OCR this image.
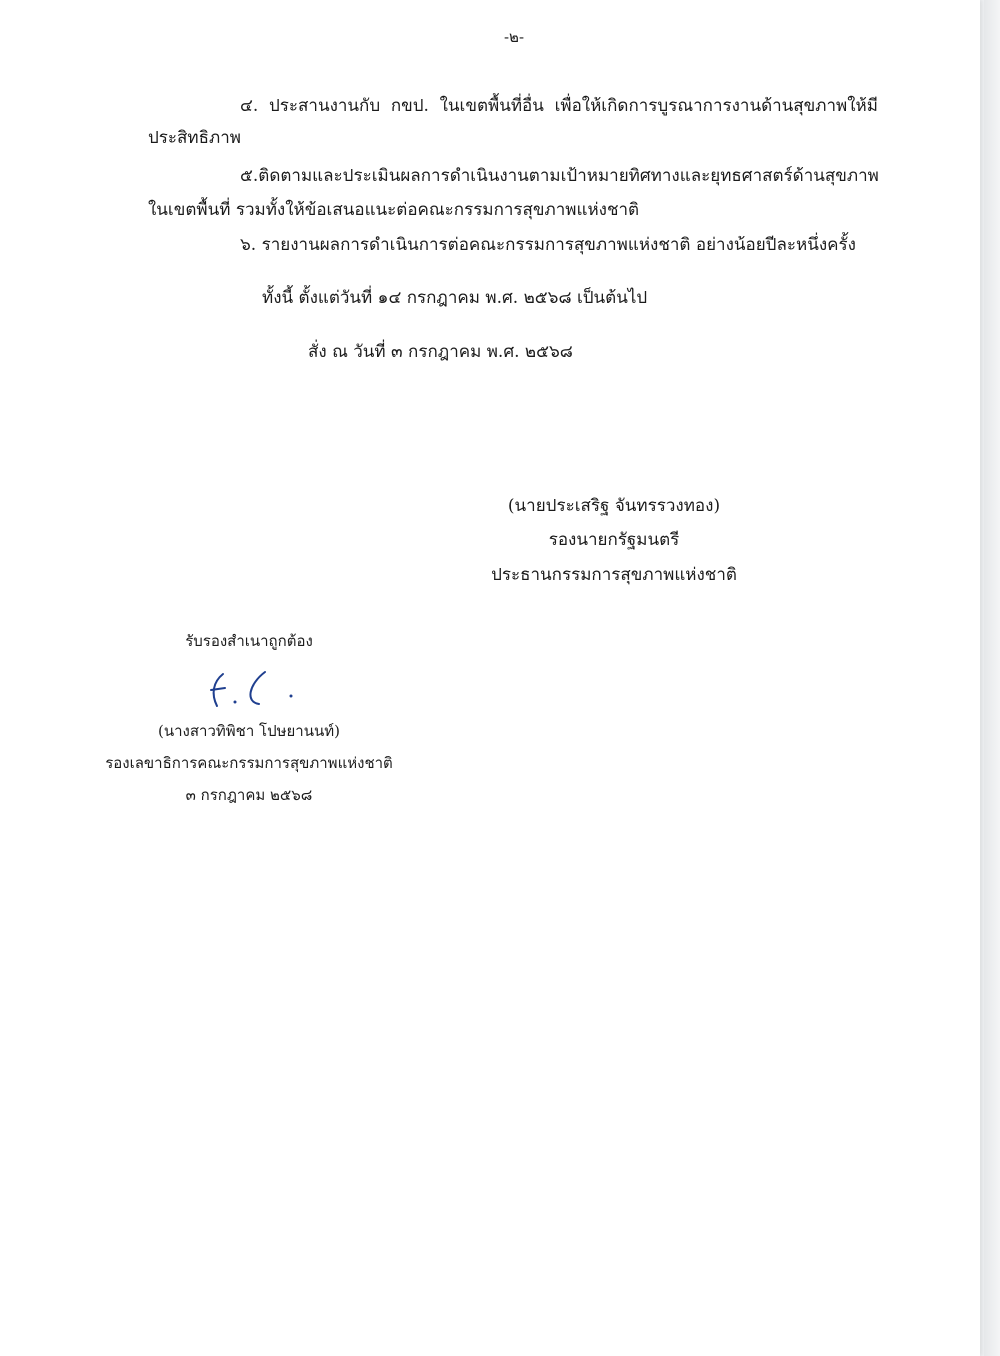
-๒-
๔. ประสานงานกับ กขป. ในเขตพื้นที่อื่น เพื่อให้เกิดการบูรณาการงานด้านสุขภาพให้มี
ประสิทธิภาพ
๕. ติดตามและประเมินผลการดำเนินงานตามเป้าหมาย ทิศทาง และยุทธศาสตร์ด้านสุขภาพ
ในเขตพื้นที่ รวมทั้งให้ข้อเสนอแนะต่อคณะกรรมการสุขภาพแห่งชาติ
๖. รายงานผลการดำเนินการต่อคณะกรรมการสุขภาพแห่งชาติ อย่างน้อยปีละหนึ่งครั้ง
ทั้งนี้ ตั้งแต่วันที่ ๑๔ กรกฎาคม พ.ศ. ๒๕๖๘ เป็นต้นไป
สั่ง ณ วันที่ ๓ กรกฎาคม พ.ศ. ๒๕๖๘
(นายประเสริฐ จันทรรวงทอง)
รองนายกรัฐมนตรี
ประธานกรรมการสุขภาพแห่งชาติ
รับรองสำเนาถูกต้อง
(นางสาวทิพิชา โปษยานนท์)
รองเลขาธิการคณะกรรมการสุขภาพแห่งชาติ
๓ กรกฎาคม ๒๕๖๘
